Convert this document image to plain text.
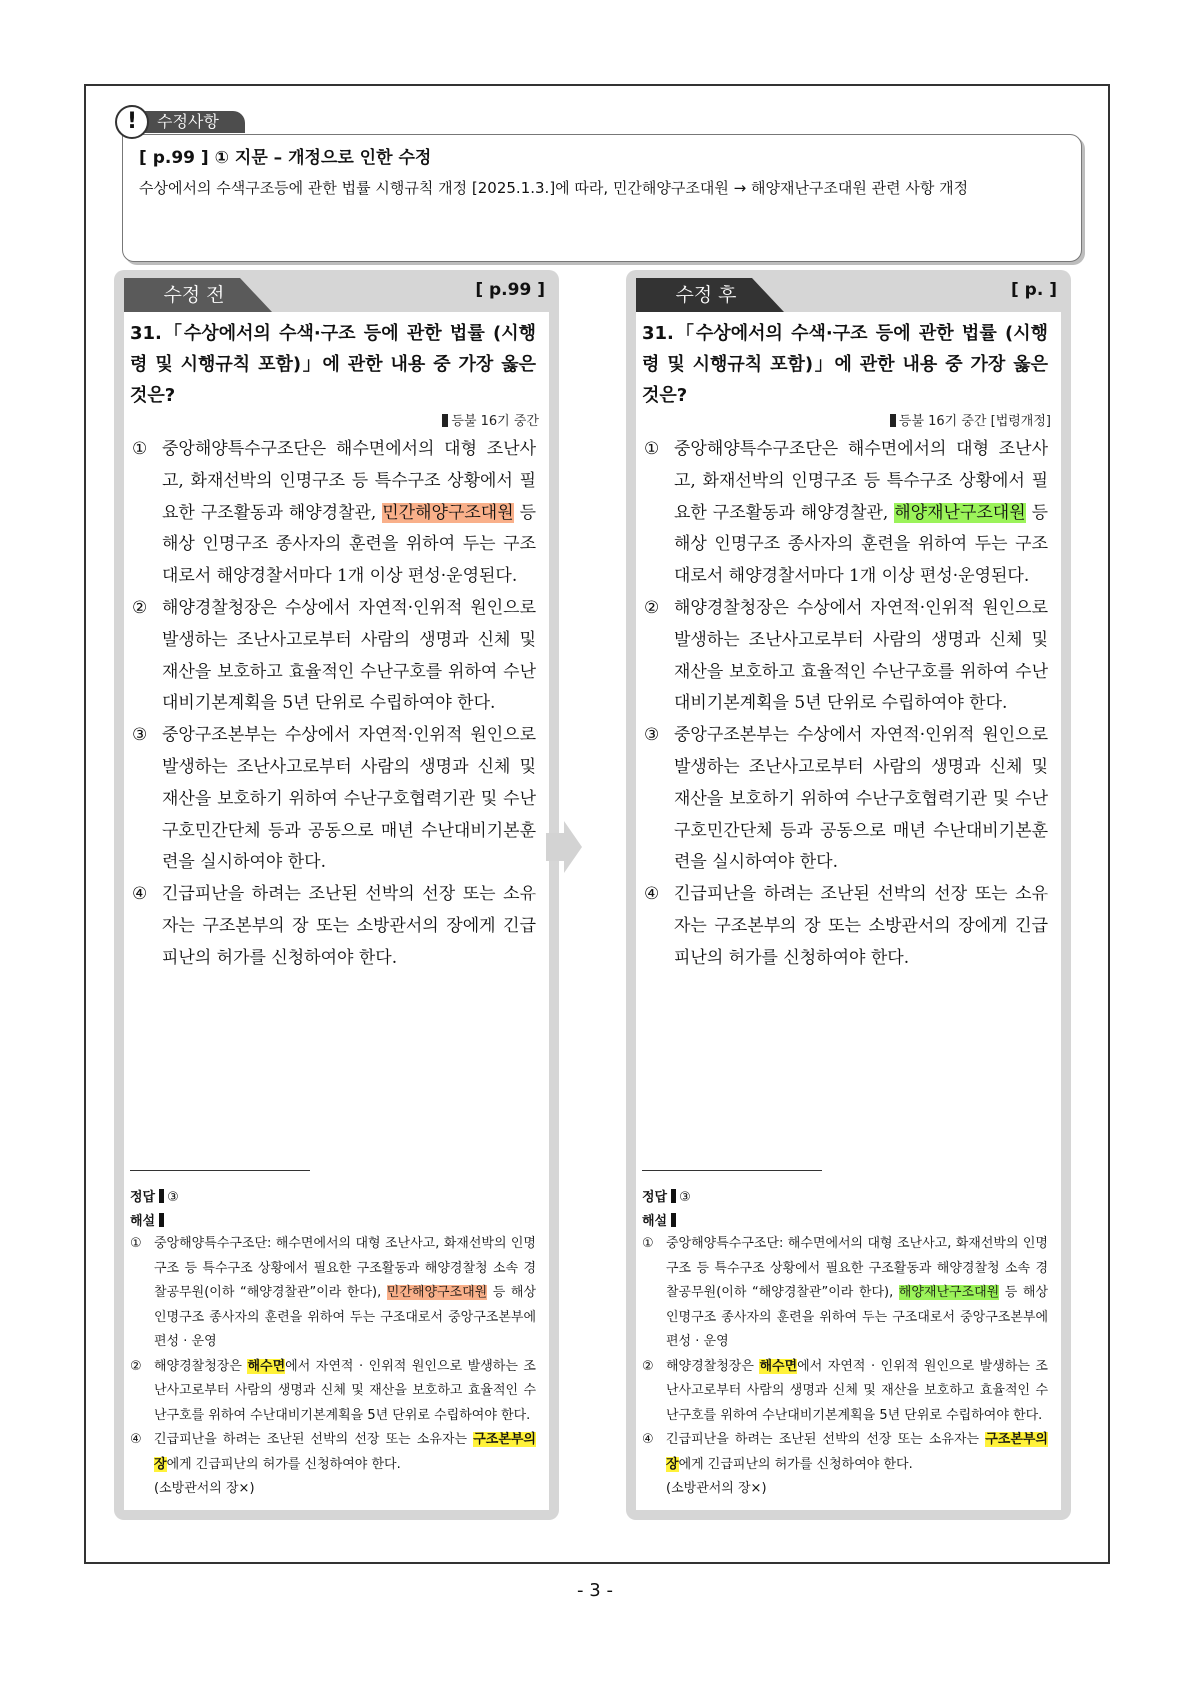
수정사항
!
[ p.99 ] ① 지문 – 개정으로 인한 수정
수상에서의 수색구조등에 관한 법률 시행규칙 개정 [2025.1.3.]에 따라, 민간해양구조대원 → 해양재난구조대원 관련 사항 개정
수정 전	[ p.99 ]
31.「수상에서의 수색·구조 등에 관한 법률 (시행령 및 시행규칙 포함)」에 관한 내용 중 가장 옳은 것은?
등불 16기 중간
① 중앙해양특수구조단은 해수면에서의 대형 조난사고, 화재선박의 인명구조 등 특수구조 상황에서 필요한 구조활동과 해양경찰관, 민간해양구조대원 등 해상 인명구조 종사자의 훈련을 위하여 두는 구조대로서 해양경찰서마다 1개 이상 편성·운영된다.
② 해양경찰청장은 수상에서 자연적·인위적 원인으로 발생하는 조난사고로부터 사람의 생명과 신체 및 재산을 보호하고 효율적인 수난구호를 위하여 수난대비기본계획을 5년 단위로 수립하여야 한다.
③ 중앙구조본부는 수상에서 자연적·인위적 원인으로 발생하는 조난사고로부터 사람의 생명과 신체 및 재산을 보호하기 위하여 수난구호협력기관 및 수난구호민간단체 등과 공동으로 매년 수난대비기본훈련을 실시하여야 한다.
④ 긴급피난을 하려는 조난된 선박의 선장 또는 소유자는 구조본부의 장 또는 소방관서의 장에게 긴급피난의 허가를 신청하여야 한다.
정답 ③
해설
① 중앙해양특수구조단: 해수면에서의 대형 조난사고, 화재선박의 인명구조 등 특수구조 상황에서 필요한 구조활동과 해양경찰청 소속 경찰공무원(이하 “해양경찰관”이라 한다), 민간해양구조대원 등 해상 인명구조 종사자의 훈련을 위하여 두는 구조대로서 중앙구조본부에 편성 · 운영
② 해양경찰청장은 해수면에서 자연적 · 인위적 원인으로 발생하는 조난사고로부터 사람의 생명과 신체 및 재산을 보호하고 효율적인 수난구호를 위하여 수난대비기본계획을 5년 단위로 수립하여야 한다.
④ 긴급피난을 하려는 조난된 선박의 선장 또는 소유자는 구조본부의 장에게 긴급피난의 허가를 신청하여야 한다.
(소방관서의 장×)
수정 후	[ p. ]
31.「수상에서의 수색·구조 등에 관한 법률 (시행령 및 시행규칙 포함)」에 관한 내용 중 가장 옳은 것은?
등불 16기 중간 [법령개정]
① 중앙해양특수구조단은 해수면에서의 대형 조난사고, 화재선박의 인명구조 등 특수구조 상황에서 필요한 구조활동과 해양경찰관, 해양재난구조대원 등 해상 인명구조 종사자의 훈련을 위하여 두는 구조대로서 해양경찰서마다 1개 이상 편성·운영된다.
② 해양경찰청장은 수상에서 자연적·인위적 원인으로 발생하는 조난사고로부터 사람의 생명과 신체 및 재산을 보호하고 효율적인 수난구호를 위하여 수난대비기본계획을 5년 단위로 수립하여야 한다.
③ 중앙구조본부는 수상에서 자연적·인위적 원인으로 발생하는 조난사고로부터 사람의 생명과 신체 및 재산을 보호하기 위하여 수난구호협력기관 및 수난구호민간단체 등과 공동으로 매년 수난대비기본훈련을 실시하여야 한다.
④ 긴급피난을 하려는 조난된 선박의 선장 또는 소유자는 구조본부의 장 또는 소방관서의 장에게 긴급피난의 허가를 신청하여야 한다.
정답 ③
해설
① 중앙해양특수구조단: 해수면에서의 대형 조난사고, 화재선박의 인명구조 등 특수구조 상황에서 필요한 구조활동과 해양경찰청 소속 경찰공무원(이하 “해양경찰관”이라 한다), 해양재난구조대원 등 해상 인명구조 종사자의 훈련을 위하여 두는 구조대로서 중앙구조본부에 편성 · 운영
② 해양경찰청장은 해수면에서 자연적 · 인위적 원인으로 발생하는 조난사고로부터 사람의 생명과 신체 및 재산을 보호하고 효율적인 수난구호를 위하여 수난대비기본계획을 5년 단위로 수립하여야 한다.
④ 긴급피난을 하려는 조난된 선박의 선장 또는 소유자는 구조본부의 장에게 긴급피난의 허가를 신청하여야 한다.
(소방관서의 장×)
- 3 -
